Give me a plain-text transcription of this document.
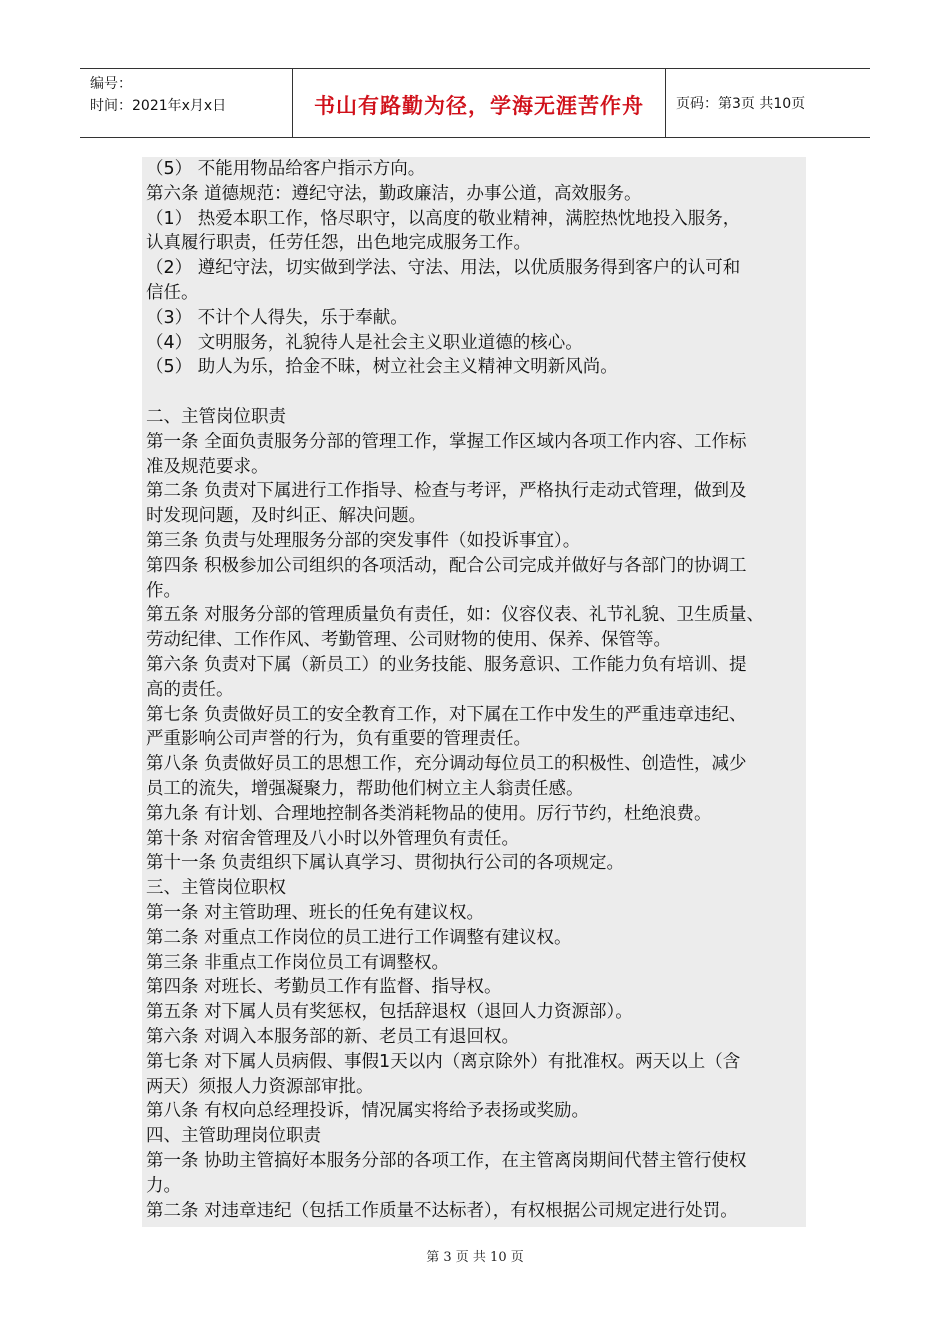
编号：
时间：2021年x月x日	书山有路勤为径，学海无涯苦作舟 页码：第3页 共10页
（5） 不能用物品给客户指示方向。
第六条 道德规范：遵纪守法，勤政廉洁，办事公道，高效服务。
（1） 热爱本职工作，恪尽职守，以高度的敬业精神，满腔热忱地投入服务，
认真履行职责，任劳任怨，出色地完成服务工作。
（2） 遵纪守法，切实做到学法、守法、用法，以优质服务得到客户的认可和
信任。
（3） 不计个人得失，乐于奉献。
（4） 文明服务，礼貌待人是社会主义职业道德的核心。
（5） 助人为乐，拾金不昧，树立社会主义精神文明新风尚。
二、主管岗位职责
第一条 全面负责服务分部的管理工作，掌握工作区域内各项工作内容、工作标
准及规范要求。
第二条 负责对下属进行工作指导、检查与考评，严格执行走动式管理，做到及
时发现问题，及时纠正、解决问题。
第三条 负责与处理服务分部的突发事件（如投诉事宜）。
第四条 积极参加公司组织的各项活动，配合公司完成并做好与各部门的协调工
作。
第五条 对服务分部的管理质量负有责任，如：仪容仪表、礼节礼貌、卫生质量、
劳动纪律、工作作风、考勤管理、公司财物的使用、保养、保管等。
第六条 负责对下属（新员工）的业务技能、服务意识、工作能力负有培训、提
高的责任。
第七条 负责做好员工的安全教育工作，对下属在工作中发生的严重违章违纪、
严重影响公司声誉的行为，负有重要的管理责任。
第八条 负责做好员工的思想工作，充分调动每位员工的积极性、创造性，减少
员工的流失，增强凝聚力，帮助他们树立主人翁责任感。
第九条 有计划、合理地控制各类消耗物品的使用。厉行节约，杜绝浪费。
第十条 对宿舍管理及八小时以外管理负有责任。
第十一条 负责组织下属认真学习、贯彻执行公司的各项规定。
三、主管岗位职权
第一条 对主管助理、班长的任免有建议权。
第二条 对重点工作岗位的员工进行工作调整有建议权。
第三条 非重点工作岗位员工有调整权。
第四条 对班长、考勤员工作有监督、指导权。
第五条 对下属人员有奖惩权，包括辞退权（退回人力资源部）。
第六条 对调入本服务部的新、老员工有退回权。
第七条 对下属人员病假、事假1天以内（离京除外）有批准权。两天以上（含
两天）须报人力资源部审批。
第八条 有权向总经理投诉，情况属实将给予表扬或奖励。
四、主管助理岗位职责
第一条 协助主管搞好本服务分部的各项工作，在主管离岗期间代替主管行使权
力。
第二条 对违章违纪（包括工作质量不达标者），有权根据公司规定进行处罚。
第 3 页 共 10 页
